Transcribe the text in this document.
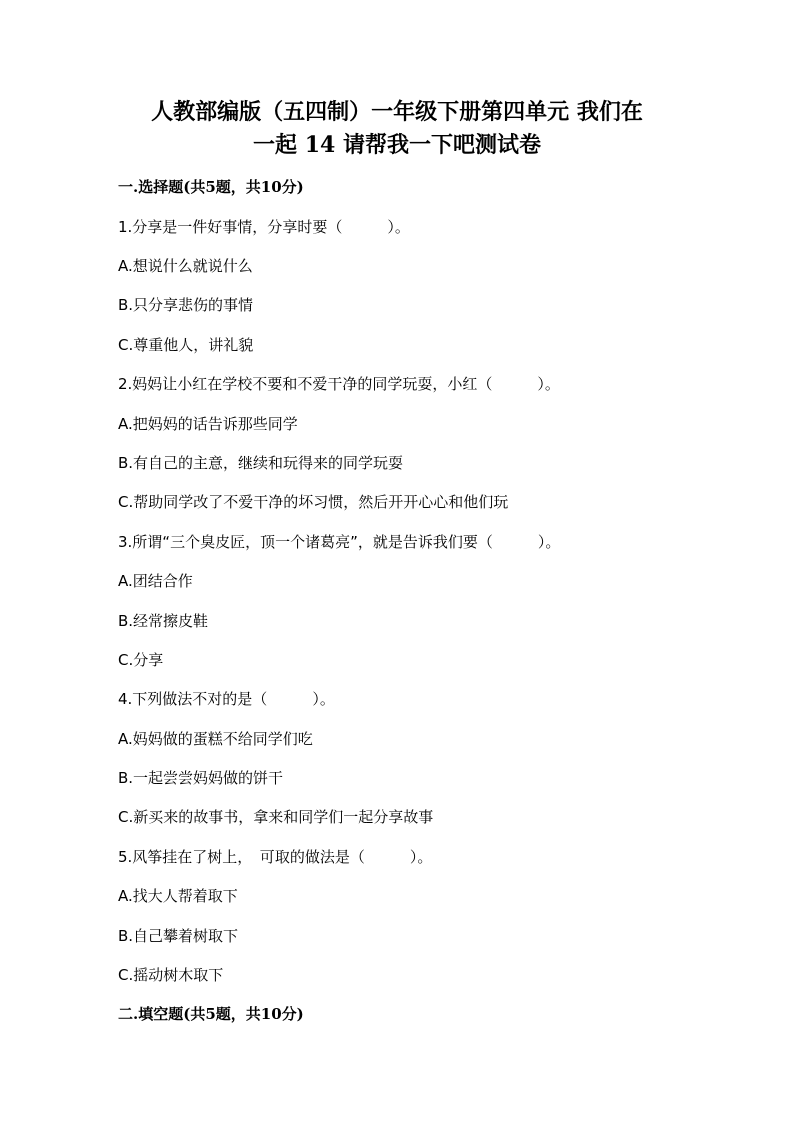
人教部编版（五四制）一年级下册第四单元 我们在
一起 14 请帮我一下吧测试卷
一.选择题(共5题，共10分)
1.分享是一件好事情，分享时要（　　　）。
A.想说什么就说什么
B.只分享悲伤的事情
C.尊重他人，讲礼貌
2.妈妈让小红在学校不要和不爱干净的同学玩耍，小红（　　　）。
A.把妈妈的话告诉那些同学
B.有自己的主意，继续和玩得来的同学玩耍
C.帮助同学改了不爱干净的坏习惯，然后开开心心和他们玩
3.所谓“三个臭皮匠，顶一个诸葛亮”，就是告诉我们要（　　　）。
A.团结合作
B.经常擦皮鞋
C.分享
4.下列做法不对的是（　　　）。
A.妈妈做的蛋糕不给同学们吃
B.一起尝尝妈妈做的饼干
C.新买来的故事书，拿来和同学们一起分享故事
5.风筝挂在了树上，　可取的做法是（　　　）。
A.找大人帮着取下
B.自己攀着树取下
C.摇动树木取下
二.填空题(共5题，共10分)
